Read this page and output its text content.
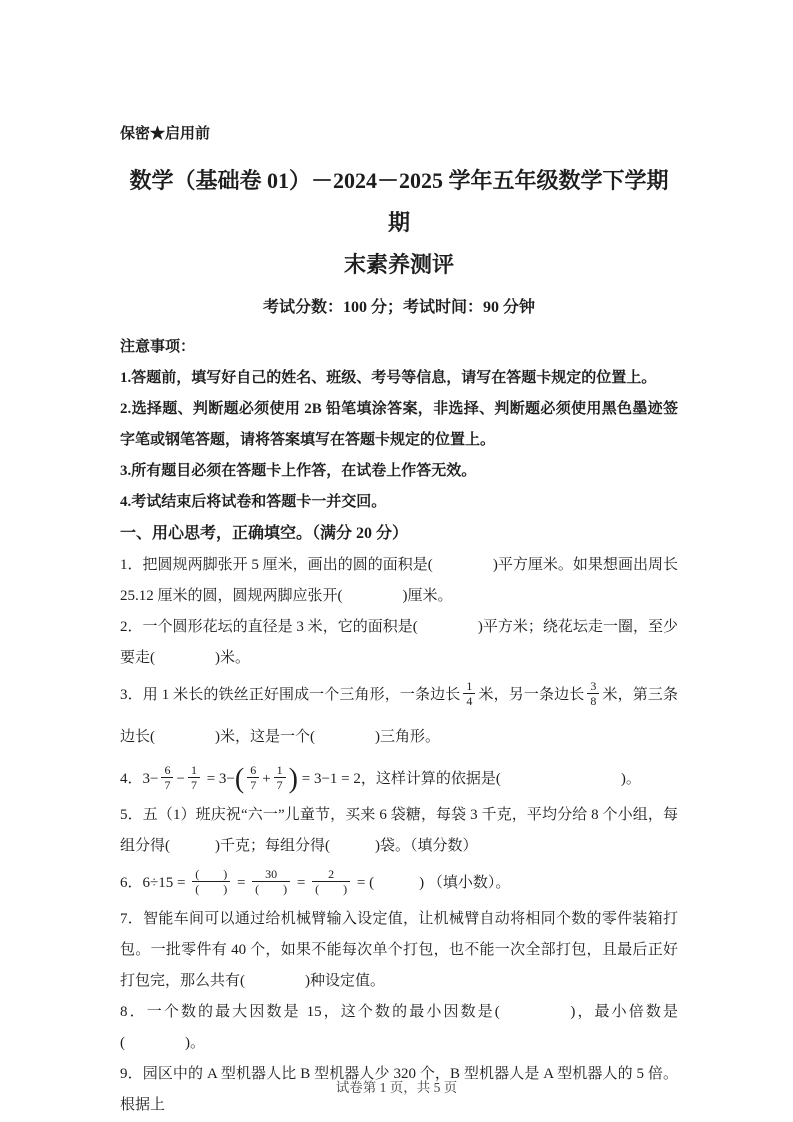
保密★启用前
数学（基础卷 01）－2024－2025 学年五年级数学下学期期
末素养测评
考试分数：100 分；考试时间：90 分钟
注意事项：

1.答题前，填写好自己的姓名、班级、考号等信息，请写在答题卡规定的位置上。

2.选择题、判断题必须使用 2B 铅笔填涂答案，非选择、判断题必须使用黑色墨迹签字笔或钢笔答题，请将答案填写在答题卡规定的位置上。

3.所有题目必须在答题卡上作答，在试卷上作答无效。

4.考试结束后将试卷和答题卡一并交回。

一、用心思考，正确填空。（满分 20 分）

1．把圆规两脚张开 5 厘米，画出的圆的面积是(　　　　)平方厘米。如果想画出周长 25.12 厘米的圆，圆规两脚应张开(　　　　)厘米。

2．一个圆形花坛的直径是 3 米，它的面积是(　　　　)平方米；绕花坛走一圈，至少要走(　　　　)米。

3．用 1 米长的铁丝正好围成一个三角形，一条边长 $\frac{1}{4}$ 米，另一条边长 $\frac{3}{8}$ 米，第三条边长(　　　　)米，这是一个(　　　　)三角形。

4．$3- \frac{6}{7} - \frac{1}{7} = 3-( \frac{6}{7} + \frac{1}{7}$ ) = 3−1 = 2，这样计算的依据是(　　　　　　　　)。

5．五（1）班庆祝“六一”儿童节，买来 6 袋糖，每袋 3 千克，平均分给 8 个小组，每组分得(　　　)千克；每组分得(　　　)袋。（填分数）

6．$6\div 15 = \frac{( )}{( )} = \frac{30}{( )} = \frac{2}{( )}$ = (　　　) （填小数）。

7．智能车间可以通过给机械臂输入设定值，让机械臂自动将相同个数的零件装箱打包。一批零件有 40 个，如果不能每次单个打包，也不能一次全部打包，且最后正好打包完，那么共有(　　　　)种设定值。

8．一个数的最大因数是 15，这个数的最小因数是(　　　　)，最小倍数是(　　　　)。

9．园区中的 A 型机器人比 B 型机器人少 320 个，B 型机器人是 A 型机器人的 5 倍。根据上

试卷第 1 页，共 5 页
